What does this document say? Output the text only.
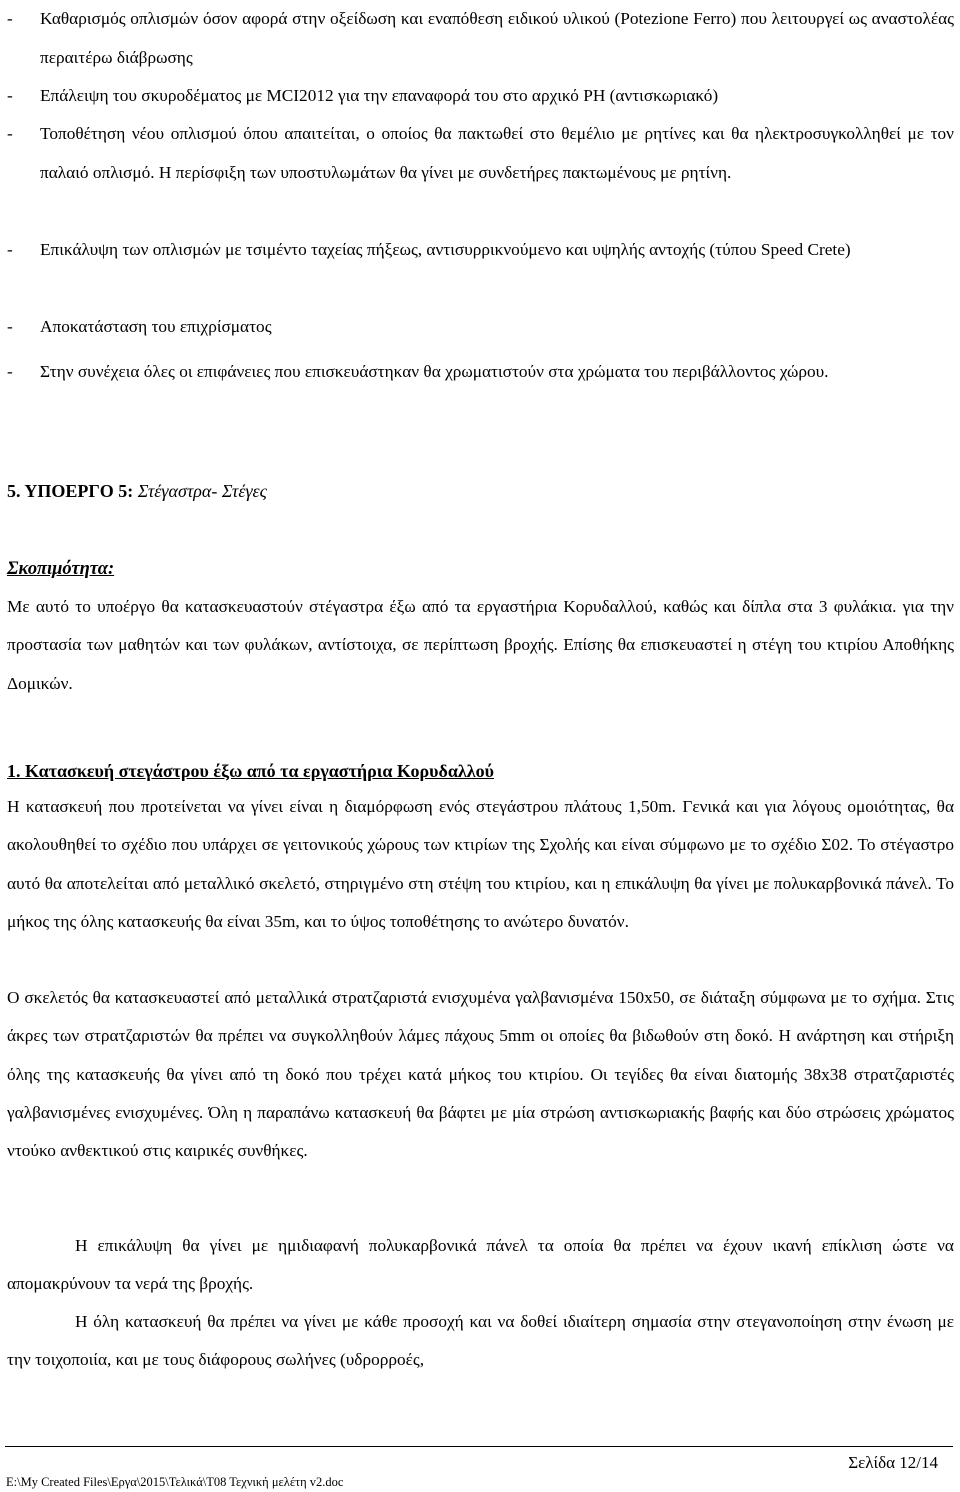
-	Καθαρισμός οπλισμών όσον αφορά στην οξείδωση και εναπόθεση ειδικού υλικού (Potezione Ferro) που λειτουργεί ως αναστολέας περαιτέρω διάβρωσης
-	Επάλειψη του σκυροδέματος με MCI2012 για την επαναφορά του στο αρχικό PH (αντισκωριακό)
-	Τοποθέτηση νέου οπλισμού όπου απαιτείται, ο οποίος θα πακτωθεί στο θεμέλιο με ρητίνες και θα ηλεκτροσυγκολληθεί με τον παλαιό οπλισμό. Η περίσφιξη των υποστυλωμάτων θα γίνει με συνδετήρες πακτωμένους με ρητίνη.
-	Επικάλυψη των οπλισμών με τσιμέντο ταχείας πήξεως, αντισυρρικνούμενο και υψηλής αντοχής (τύπου Speed Crete)
-	Αποκατάσταση του επιχρίσματος
-	Στην συνέχεια όλες οι επιφάνειες που επισκευάστηκαν θα χρωματιστούν στα χρώματα του περιβάλλοντος χώρου.
5. ΥΠΟΕΡΓΟ 5: Στέγαστρα- Στέγες
Σκοπιμότητα:

Με αυτό το υποέργο θα κατασκευαστούν στέγαστρα έξω από τα εργαστήρια Κορυδαλλού, καθώς και δίπλα στα 3 φυλάκια. για την προστασία των μαθητών και των φυλάκων, αντίστοιχα, σε περίπτωση βροχής. Επίσης θα επισκευαστεί η στέγη του κτιρίου Αποθήκης Δομικών.

1. Κατασκευή στεγάστρου έξω από τα εργαστήρια Κορυδαλλού

Η κατασκευή που προτείνεται να γίνει είναι η διαμόρφωση ενός στεγάστρου πλάτους 1,50m. Γενικά και για λόγους ομοιότητας, θα ακολουθηθεί το σχέδιο που υπάρχει σε γειτονικούς χώρους των κτιρίων της Σχολής και είναι σύμφωνο με το σχέδιο Σ02. Το στέγαστρο αυτό θα αποτελείται από μεταλλικό σκελετό, στηριγμένο στη στέψη του κτιρίου, και η επικάλυψη θα γίνει με πολυκαρβονικά πάνελ. Το μήκος της όλης κατασκευής θα είναι 35m, και το ύψος τοποθέτησης το ανώτερο δυνατόν.

Ο σκελετός θα κατασκευαστεί από μεταλλικά στρατζαριστά ενισχυμένα γαλβανισμένα 150x50, σε διάταξη σύμφωνα με το σχήμα. Στις άκρες των στρατζαριστών θα πρέπει να συγκολληθούν λάμες πάχους 5mm οι οποίες θα βιδωθούν στη δοκό. Η ανάρτηση και στήριξη όλης της κατασκευής θα γίνει από τη δοκό που τρέχει κατά μήκος του κτιρίου. Οι τεγίδες θα είναι διατομής 38x38 στρατζαριστές γαλβανισμένες ενισχυμένες. Όλη η παραπάνω κατασκευή θα βάφτει με μία στρώση αντισκωριακής βαφής και δύο στρώσεις χρώματος ντούκο ανθεκτικού στις καιρικές συνθήκες.

Η επικάλυψη θα γίνει με ημιδιαφανή πολυκαρβονικά πάνελ τα οποία θα πρέπει να έχουν ικανή επίκλιση ώστε να απομακρύνουν τα νερά της βροχής.

Η όλη κατασκευή θα πρέπει να γίνει με κάθε προσοχή και να δοθεί ιδιαίτερη σημασία στην στεγανοποίηση στην ένωση με την τοιχοποιία, και με τους διάφορους σωλήνες (υδρορροές,

Σελίδα 12/14
E:\My Created Files\Εργα\2015\Τελικά\Τ08 Τεχνική μελέτη v2.doc
